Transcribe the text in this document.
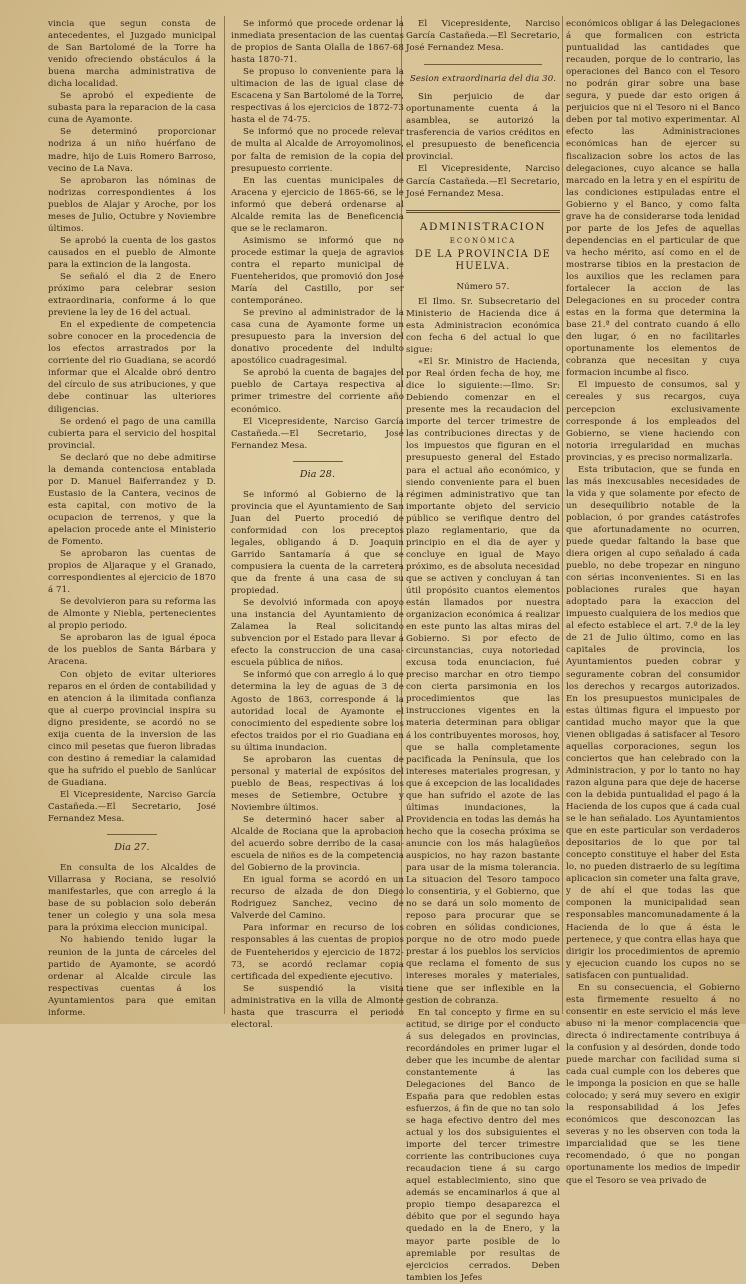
vincia que segun consta de antecedentes, el Juzgado municipal de San Bartolomé de la Torre ha venido ofreciendo obstáculos á la buena marcha administrativa de dicha localidad.

Se aprobó el expediente de subasta para la reparacion de la casa cuna de Ayamonte.

Se determinó proporcionar nodriza á un niño huérfano de madre, hijo de Luis Romero Barroso, vecino de La Nava.

Se aprobaron las nóminas de nodrizas correspondientes á los pueblos de Alajar y Aroche, por los meses de Julio, Octubre y Noviembre últimos.

Se aprobó la cuenta de los gastos causados en el pueblo de Almonte para la extincion de la langosta.

Se señaló el dia 2 de Enero próximo para celebrar sesion extraordinaria, conforme á lo que previene la ley de 16 del actual.

En el expediente de competencia sobre conocer en la procedencia de los efectos arrastrados por la corriente del rio Guadiana, se acordó informar que el Alcalde obró dentro del círculo de sus atribuciones, y que debe continuar las ulteriores diligencias.

Se ordenó el pago de una camilla cubierta para el servicio del hospital provincial.

Se declaró que no debe admitirse la demanda contenciosa entablada por D. Manuel Baiferrandez y D. Eustasio de la Cantera, vecinos de esta capital, con motivo de la ocupacion de terrenos, y que la apelacion procede ante el Ministerio de Fomento.

Se aprobaron las cuentas de propios de Aljaraque y el Granado, correspondientes al ejercicio de 1870 á 71.

Se devolvieron para su reforma las de Almonte y Niebla, pertenecientes al propio periodo.

Se aprobaron las de igual época de los pueblos de Santa Bárbara y Aracena.

Con objeto de evitar ulteriores reparos en el órden de contabilidad y en atencion á la ilimitada confianza que al cuerpo provincial inspira su digno presidente, se acordó no se exija cuenta de la inversion de las cinco mil pesetas que fueron libradas con destino á remediar la calamidad que ha sufrido el pueblo de Sanlúcar de Guadiana.

El Vicepresidente, Narciso García Castañeda.—El Secretario, José Fernandez Mesa.

Dia 27.

En consulta de los Alcaldes de Villarrasa y Rociana, se resolvió manifestarles, que con arreglo á la base de su poblacion solo deberán tener un colegio y una sola mesa para la próxima eleccion municipal.

No habiendo tenido lugar la reunion de la junta de cárceles del partido de Ayamonte, se acordó ordenar al Alcalde circule las respectivas cuentas á los Ayuntamientos para que emitan informe.

Se informó que procede ordenar la inmediata presentacion de las cuentas de propios de Santa Olalla de 1867-68 hasta 1870-71.

Se propuso lo conveniente para la ultimacion de las de igual clase de Escacena y San Bartolomé de la Torre, respectivas á los ejercicios de 1872-73 hasta el de 74-75.

Se informó que no procede relevar de multa al Alcalde de Arroyomolinos, por falta de remision de la copia del presupuesto corriente.

En las cuentas municipales de Aracena y ejercicio de 1865-66, se le informó que deberá ordenarse al Alcalde remita las de Beneficencia que se le reclamaron.

Asimismo se informó que no procede estimar la queja de agravios contra el reparto municipal de Fuenteheridos, que promovió don José María del Castillo, por ser contemporáneo.

Se previno al administrador de la casa cuna de Ayamonte forme un presupuesto para la inversion del donativo procedente del indulto apostólico cuadragesimal.

Se aprobó la cuenta de bagajes del pueblo de Cartaya respectiva al primer trimestre del corriente año económico.

El Vicepresidente, Narciso García Castañeda.—El Secretario, José Fernandez Mesa.

Dia 28.

Se informó al Gobierno de la provincia que el Ayuntamiento de San Juan del Puerto procedió de conformidad con los preceptos legales, obligando á D. Joaquin Garrido Santamaría á que se compusiera la cuenta de la carretera que da frente á una casa de su propiedad.

Se devolvió informada con apoyo una instancia del Ayuntamiento de Zalamea la Real solicitando subvencion por el Estado para llevar á efecto la construccion de una casa-escuela pública de niños.

Se informó que con arreglo á lo que determina la ley de aguas de 3 de Agosto de 1863, corresponde á la autoridad local de Ayamonte el conocimiento del espediente sobre los efectos traidos por el rio Guadiana en su última inundacion.

Se aprobaron las cuentas de personal y material de expósitos del pueblo de Beas, respectivas á los meses de Setiembre, Octubre y Noviembre últimos.

Se determinó hacer saber al Alcalde de Rociana que la aprobacion del acuerdo sobre derribo de la casa-escuela de niños es de la competencia del Gobierno de la provincia.

En igual forma se acordó en un recurso de alzada de don Diego Rodriguez Sanchez, vecino de Valverde del Camino.

Para informar en recurso de los responsables á las cuentas de propios de Fuenteheridos y ejercicio de 1872-73, se acordó reclamar copia certificada del expediente ejecutivo.

Se suspendió la visita administrativa en la villa de Almonte hasta que trascurra el periodo electoral.

El Vicepresidente, Narciso García Castañeda.—El Secretario, José Fernandez Mesa.

Sesion extraordinaria del dia 30.

Sin perjuicio de dar oportunamente cuenta á la asamblea, se autorizó la trasferencia de varios créditos en el presupuesto de beneficencia provincial.

El Vicepresidente, Narciso García Castañeda.—El Secretario, José Fernandez Mesa.

ADMINISTRACION
ECONÓMICA
DE LA PROVINCIA DE HUELVA.
Número 57.

El Ilmo. Sr. Subsecretario del Ministerio de Hacienda dice á esta Administracion económica con fecha 6 del actual lo que sigue:

«El Sr. Ministro de Hacienda, por Real órden fecha de hoy, me dice lo siguiente:—Ilmo. Sr: Debiendo comenzar en el presente mes la recaudacion del importe del tercer trimestre de las contribuciones directas y de los impuestos que figuran en el presupuesto general del Estado para el actual año económico, y siendo conveniente para el buen régimen administrativo que tan importante objeto del servicio público se verifique dentro del plazo reglamentario, que da principio en el dia de ayer y concluye en igual de Mayo próximo, es de absoluta necesidad que se activen y concluyan á tan útil propósito cuantos elementos están llamados por nuestra organizacion económica á realizar en este punto las altas miras del Gobierno. Si por efecto de circunstancias, cuya notoriedad excusa toda enunciacion, fué preciso marchar en otro tiempo con cierta parsimonia en los procedimientos que las instrucciones vigentes en la materia determinan para obligar á los contribuyentes morosos, hoy, que se halla completamente pacificada la Península, que los intereses materiales progresan, y que á excepcion de las localidades que han sufrido el azote de las últimas inundaciones, la Providencia en todas las demás ha hecho que la cosecha próxima se anuncie con los más halagüeños auspicios, no hay razon bastante para usar de la misma tolerancia. La situacion del Tesoro tampoco lo consentiria, y el Gobierno, que no se dará un solo momento de reposo para procurar que se cobren en sólidas condiciones, porque no de otro modo puede prestar á los pueblos los servicios que reclama el fomento de sus intereses morales y materiales, tiene que ser inflexible en la gestion de cobranza.

En tal concepto y firme en su actitud, se dirige por el conducto á sus delegados en provincias, recordándoles en primer lugar el deber que les incumbe de alentar constantemente á las Delegaciones del Banco de España para que redoblen estas esfuerzos, á fin de que no tan solo se haga efectivo dentro del mes actual y los dos subsiguientes el importe del tercer trimestre corriente las contribuciones cuya recaudacion tiene á su cargo aquel establecimiento, sino que además se encaminarlos á que al propio tiempo desaparezca el débito que por el segundo haya quedado en la de Enero, y la mayor parte posible de lo apremiable por resultas de ejercicios cerrados. Deben tambien los Jefes

económicos obligar á las Delegaciones á que formalicen con estricta puntualidad las cantidades que recauden, porque de lo contrario, las operaciones del Banco con el Tesoro no podrán girar sobre una base segura, y puede dar esto origen á perjuicios que ni el Tesoro ni el Banco deben por tal motivo experimentar. Al efecto las Administraciones económicas han de ejercer su fiscalizacion sobre los actos de las delegaciones, cuyo alcance se halla marcado en la letra y en el espíritu de las condiciones estipuladas entre el Gobierno y el Banco, y como falta grave ha de considerarse toda lenidad por parte de los Jefes de aquellas dependencias en el particular de que va hecho mérito, así como en el de mostrarse tibios en la prestacion de los auxilios que les reclamen para fortalecer la accion de las Delegaciones en su proceder contra estas en la forma que determina la base 21.ª del contrato cuando á ello den lugar, ó en no facilitarles oportunamente los elementos de cobranza que necesitan y cuya formacion incumbe al fisco.

El impuesto de consumos, sal y cereales y sus recargos, cuya percepcion exclusivamente corresponde á los empleados del Gobierno, se viene haciendo con notoria irregularidad en muchas provincias, y es preciso normalizarla.

Esta tributacion, que se funda en las más inexcusables necesidades de la vida y que solamente por efecto de un desequilibrio notable de la poblacion, ó por grandes catástrofes que afortunadamente no ocurren, puede quedar faltando la base que diera origen al cupo señalado á cada pueblo, no debe tropezar en ninguno con sérias inconvenientes. Si en las poblaciones rurales que hayan adoptado para la exaccion del impuesto cualquiera de los medios que al efecto establece el art. 7.º de la ley de 21 de Julio último, como en las capitales de provincia, los Ayuntamientos pueden cobrar y seguramente cobran del consumidor los derechos y recargos autorizados. En los presupuestos municipales de estas últimas figura el impuesto por cantidad mucho mayor que la que vienen obligadas á satisfacer al Tesoro aquellas corporaciones, segun los conciertos que han celebrado con la Administracion, y por lo tanto no hay razon alguna para que deje de hacerse con la debida puntualidad el pago á la Hacienda de los cupos que á cada cual se le han señalado. Los Ayuntamientos que en este particular son verdaderos depositarios de lo que por tal concepto constituye el haber del Esta lo, no pueden distraerlo de su legítima aplicacion sin cometer una falta grave, y de ahí el que todas las que componen la municipalidad sean responsables mancomunadamente á la Hacienda de lo que á ésta le pertenece, y que contra ellas haya que dirigir los procedimientos de apremio y ejecucion cuando los cupos no se satisfacen con puntualidad.

En su consecuencia, el Gobierno esta firmemente resuelto á no consentir en este servicio el más leve abuso ni la menor complacencia que directa ó indirectamente contribuya á la confusion y al desórden, donde todo puede marchar con facilidad suma si cada cual cumple con los deberes que le imponga la posicion en que se halle colocado; y será muy severo en exigir la responsabilidad á los Jefes económicos que desconozcan las severas y no les observen con toda la imparcialidad que se les tiene recomendado, ó que no pongan oportunamente los medios de impedir que el Tesoro se vea privado de
